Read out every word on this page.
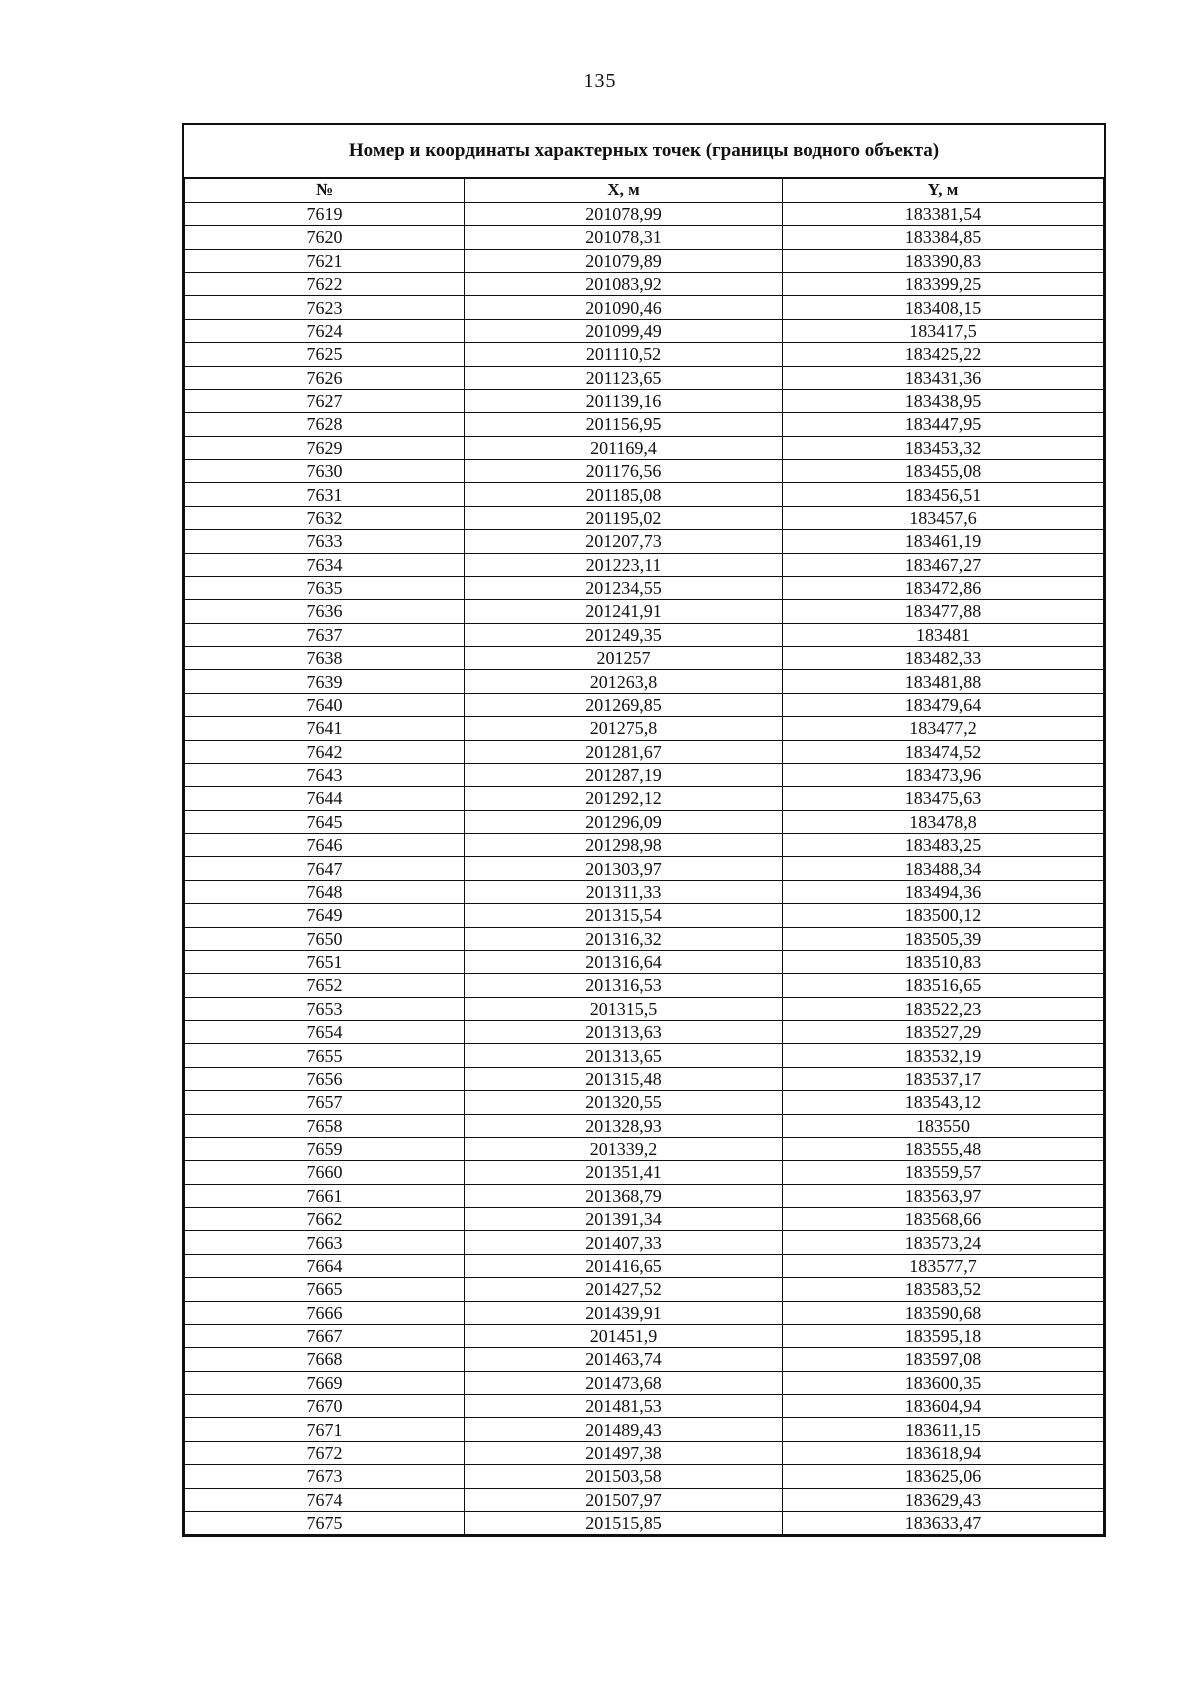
135
Номер и координаты характерных точек (границы водного объекта)
№	X, м	Y, м
7619	201078,99	183381,54
7620	201078,31	183384,85
7621	201079,89	183390,83
7622	201083,92	183399,25
7623	201090,46	183408,15
7624	201099,49	183417,5
7625	201110,52	183425,22
7626	201123,65	183431,36
7627	201139,16	183438,95
7628	201156,95	183447,95
7629	201169,4	183453,32
7630	201176,56	183455,08
7631	201185,08	183456,51
7632	201195,02	183457,6
7633	201207,73	183461,19
7634	201223,11	183467,27
7635	201234,55	183472,86
7636	201241,91	183477,88
7637	201249,35	183481
7638	201257	183482,33
7639	201263,8	183481,88
7640	201269,85	183479,64
7641	201275,8	183477,2
7642	201281,67	183474,52
7643	201287,19	183473,96
7644	201292,12	183475,63
7645	201296,09	183478,8
7646	201298,98	183483,25
7647	201303,97	183488,34
7648	201311,33	183494,36
7649	201315,54	183500,12
7650	201316,32	183505,39
7651	201316,64	183510,83
7652	201316,53	183516,65
7653	201315,5	183522,23
7654	201313,63	183527,29
7655	201313,65	183532,19
7656	201315,48	183537,17
7657	201320,55	183543,12
7658	201328,93	183550
7659	201339,2	183555,48
7660	201351,41	183559,57
7661	201368,79	183563,97
7662	201391,34	183568,66
7663	201407,33	183573,24
7664	201416,65	183577,7
7665	201427,52	183583,52
7666	201439,91	183590,68
7667	201451,9	183595,18
7668	201463,74	183597,08
7669	201473,68	183600,35
7670	201481,53	183604,94
7671	201489,43	183611,15
7672	201497,38	183618,94
7673	201503,58	183625,06
7674	201507,97	183629,43
7675	201515,85	183633,47
